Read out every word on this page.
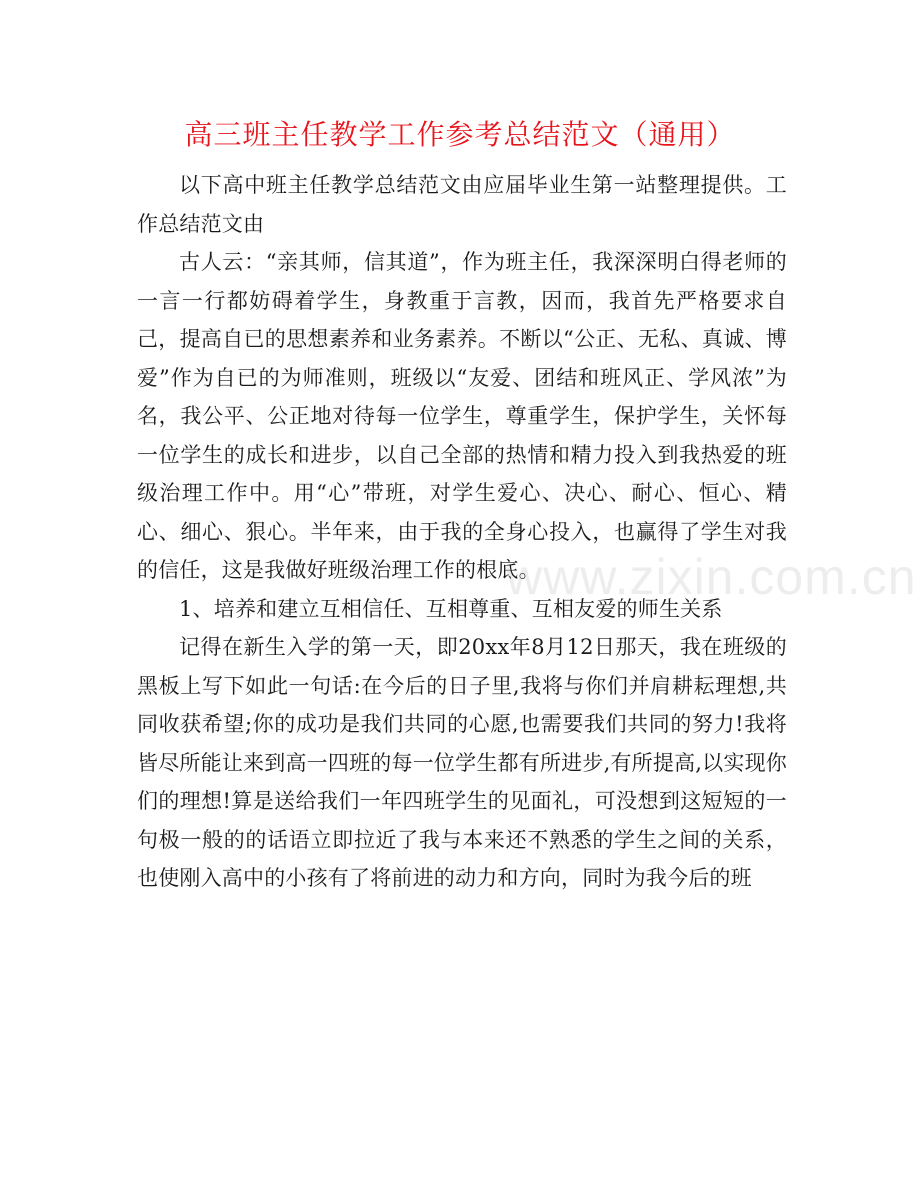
高三班主任教学工作参考总结范文（通用）

以下高中班主任教学总结范文由应届毕业生第一站整理提供。工作总结范文由

古人云：“亲其师，信其道”，作为班主任，我深深明白得老师的一言一行都妨碍着学生，身教重于言教，因而，我首先严格要求自己，提高自已的思想素养和业务素养。不断以“公正、无私、真诚、博爱”作为自已的为师准则，班级以“友爱、团结和班风正、学风浓”为名，我公平、公正地对待每一位学生，尊重学生，保护学生，关怀每一位学生的成长和进步，以自己全部的热情和精力投入到我热爱的班级治理工作中。用“心”带班，对学生爱心、决心、耐心、恒心、精心、细心、狠心。半年来，由于我的全身心投入，也赢得了学生对我的信任，这是我做好班级治理工作的根底。

1、培养和建立互相信任、互相尊重、互相友爱的师生关系

记得在新生入学的第一天，即20xx年8月12日那天，我在班级的黑板上写下如此一句话:在今后的日子里,我将与你们并肩耕耘理想,共同收获希望;你的成功是我们共同的心愿,也需要我们共同的努力!我将皆尽所能让来到高一四班的每一位学生都有所进步,有所提高,以实现你们的理想!算是送给我们一年四班学生的见面礼，可没想到这短短的一句极一般的的话语立即拉近了我与本来还不熟悉的学生之间的关系，也使刚入高中的小孩有了将前进的动力和方向，同时为我今后的班

www.zixin.com.cn
